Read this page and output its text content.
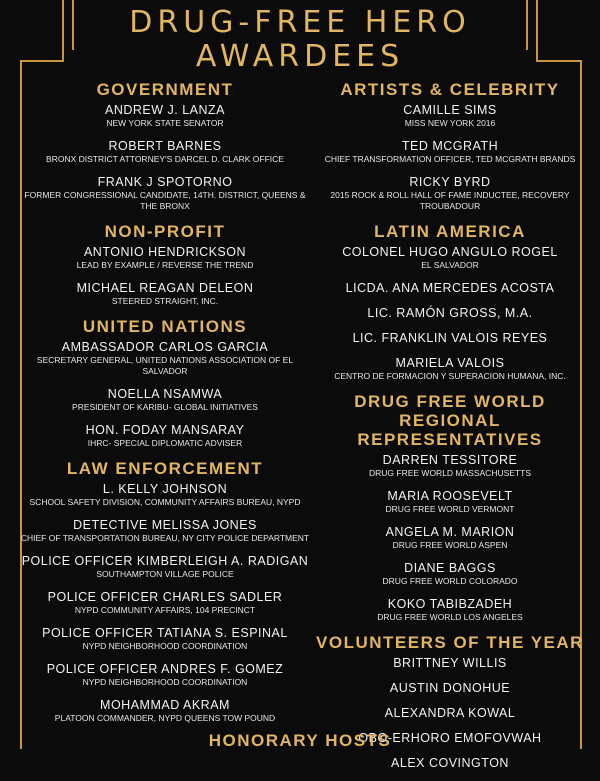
DRUG-FREE HERO
AWARDEES
GOVERNMENT
ANDREW J. LANZA
NEW YORK STATE SENATOR
ROBERT BARNES
BRONX DISTRICT ATTORNEY'S DARCEL D. CLARK OFFICE
FRANK J SPOTORNO
FORMER CONGRESSIONAL CANDIDATE, 14TH. DISTRICT, QUEENS & THE BRONX
NON-PROFIT
ANTONIO HENDRICKSON
LEAD BY EXAMPLE / REVERSE THE TREND
MICHAEL REAGAN DELEON
STEERED STRAIGHT, INC.
UNITED NATIONS
AMBASSADOR CARLOS GARCIA
SECRETARY GENERAL, UNITED NATIONS ASSOCIATION OF EL SALVADOR
NOELLA NSAMWA
PRESIDENT OF KARIBU- GLOBAL INITIATIVES
HON. FODAY MANSARAY
IHRC- SPECIAL DIPLOMATIC ADVISER
LAW ENFORCEMENT
L. KELLY JOHNSON
SCHOOL SAFETY DIVISION, COMMUNITY AFFAIRS BUREAU, NYPD
DETECTIVE MELISSA JONES
CHIEF OF TRANSPORTATION BUREAU, NY CITY POLICE DEPARTMENT
POLICE OFFICER KIMBERLEIGH A. RADIGAN
SOUTHAMPTON VILLAGE POLICE
POLICE OFFICER CHARLES SADLER
NYPD COMMUNITY AFFAIRS, 104 PRECINCT
POLICE OFFICER TATIANA S. ESPINAL
NYPD NEIGHBORHOOD COORDINATION
POLICE OFFICER ANDRES F. GOMEZ
NYPD NEIGHBORHOOD COORDINATION
MOHAMMAD AKRAM
PLATOON COMMANDER, NYPD QUEENS TOW POUND
ARTISTS & CELEBRITY
CAMILLE SIMS
MISS NEW YORK 2016
TED MCGRATH
CHIEF TRANSFORMATION OFFICER, TED MCGRATH BRANDS
RICKY BYRD
2015 ROCK & ROLL HALL OF FAME INDUCTEE, RECOVERY TROUBADOUR
LATIN AMERICA
COLONEL HUGO ANGULO ROGEL
EL SALVADOR
LICDA. ANA MERCEDES ACOSTA
LIC. RAMÓN GROSS, M.A.
LIC. FRANKLIN VALOIS REYES
MARIELA VALOIS
CENTRO DE FORMACION Y SUPERACION HUMANA, INC.
DRUG FREE WORLD REGIONAL REPRESENTATIVES
DARREN TESSITORE
DRUG FREE WORLD MASSACHUSETTS
MARIA ROOSEVELT
DRUG FREE WORLD VERMONT
ANGELA M. MARION
DRUG FREE WORLD ASPEN
DIANE BAGGS
DRUG FREE WORLD COLORADO
KOKO TABIBZADEH
DRUG FREE WORLD LOS ANGELES
VOLUNTEERS OF THE YEAR
BRITTNEY WILLIS
AUSTIN DONOHUE
ALEXANDRA KOWAL
OBO-ERHORO EMOFOVWAH
ALEX COVINGTON
HONORARY HOSTS
